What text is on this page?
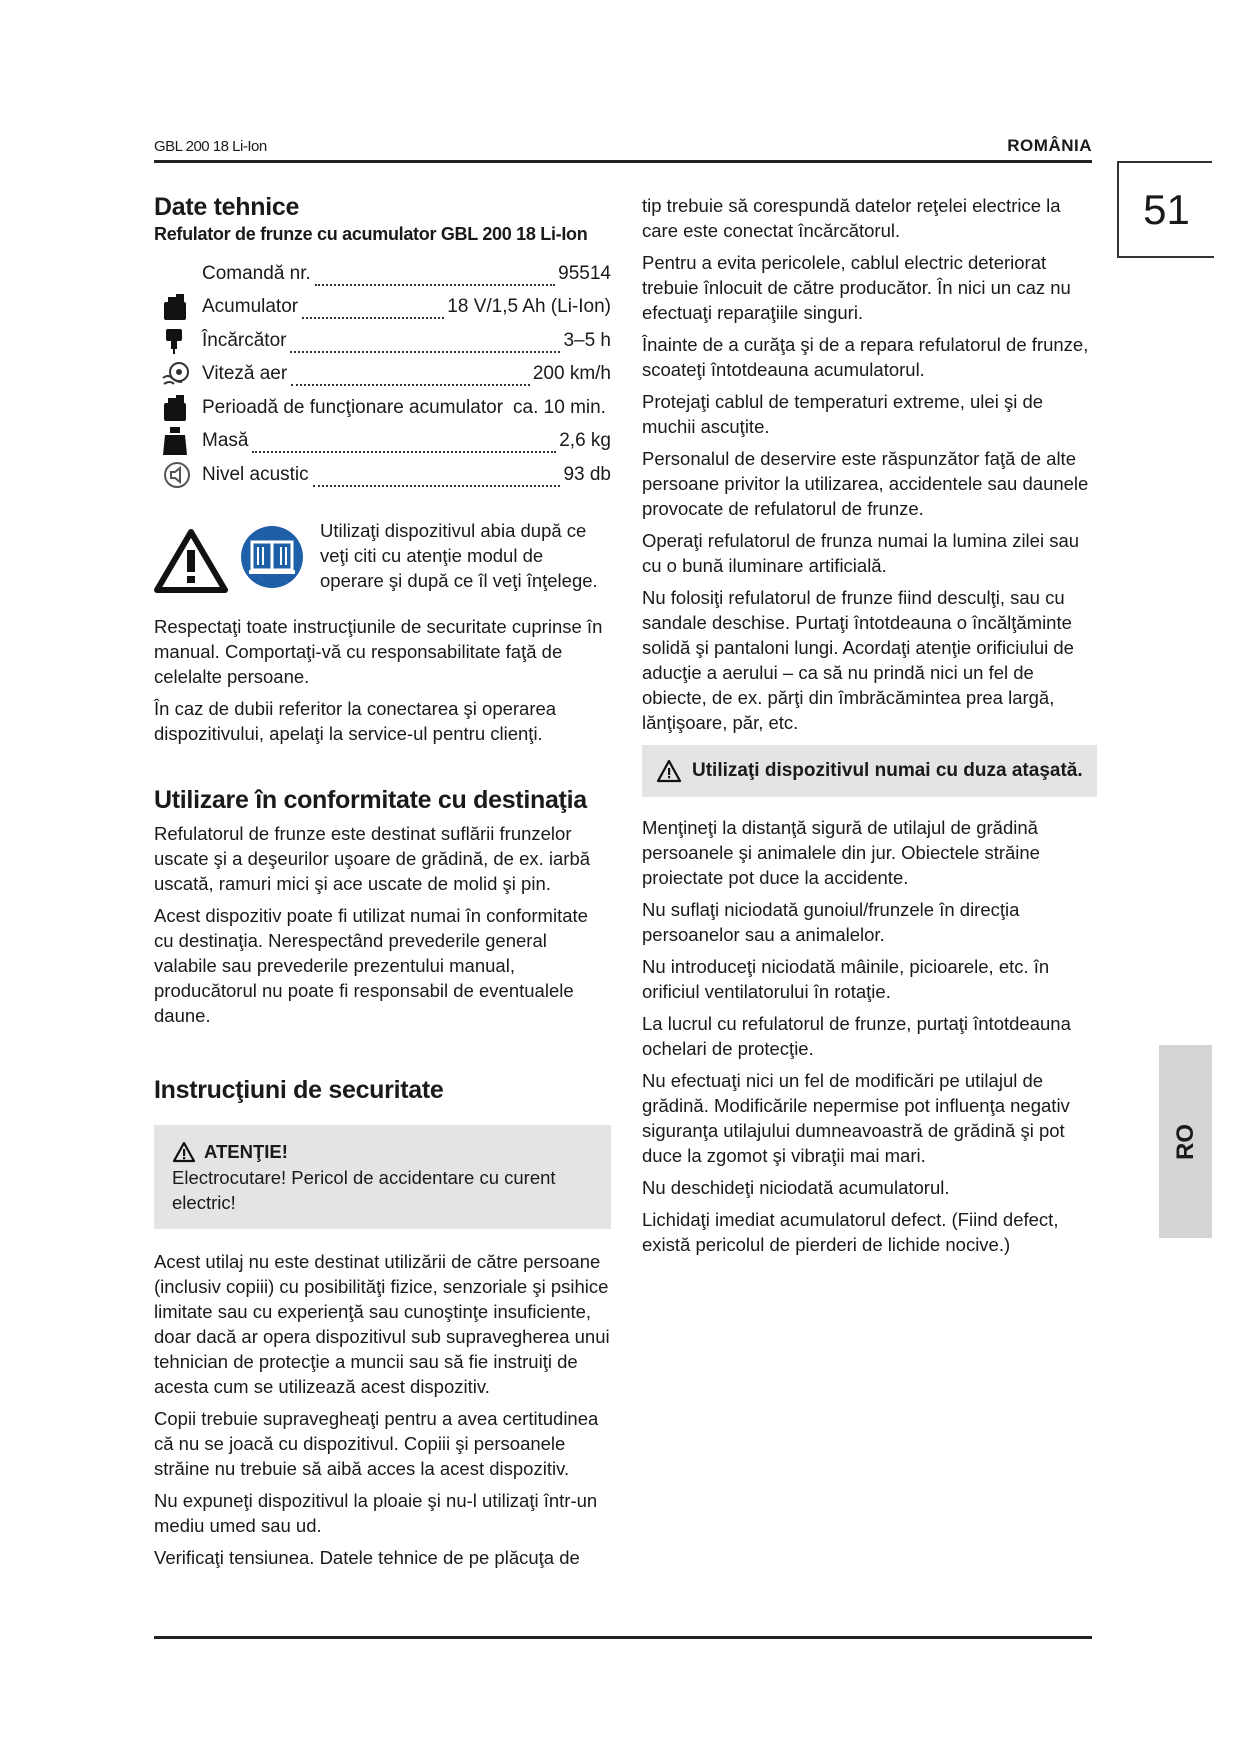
GBL 200 18 Li-Ion	ROMÂNIA
51
RO
Date tehnice
Refulator de frunze cu acumulator GBL 200 18 Li-Ion
Comandă nr.	95514
Acumulator	18 V/1,5 Ah (Li-Ion)
Încărcător	3–5 h
Viteză aer	200 km/h
Perioadă de funcţionare acumulator ca. 10 min.
Masă	2,6 kg
Nivel acustic	93 db
Utilizaţi dispozitivul abia după ce veţi citi cu atenţie modul de operare şi după ce îl veţi înţelege.

Respectaţi toate instrucţiunile de securitate cuprinse în manual. Comportaţi-vă cu responsabilitate faţă de celelalte persoane.

În caz de dubii referitor la conectarea şi operarea dispozitivului, apelaţi la service-ul pentru clienţi.

Utilizare în conformitate cu destinaţia

Refulatorul de frunze este destinat suflării frunzelor uscate şi a deşeurilor uşoare de grădină, de ex. iarbă uscată, ramuri mici şi ace uscate de molid şi pin.

Acest dispozitiv poate fi utilizat numai în conformitate cu destinaţia. Nerespectând prevederile general valabile sau prevederile prezentului manual, producătorul nu poate fi responsabil de eventualele daune.

Instrucţiuni de securitate
ATENŢIE!

Electrocutare! Pericol de accidentare cu curent electric!

Acest utilaj nu este destinat utilizării de către persoane (inclusiv copiii) cu posibilităţi fizice, senzoriale şi psihice limitate sau cu experienţă sau cunoştinţe insuficiente, doar dacă ar opera dispozitivul sub supravegherea unui tehnician de protecţie a muncii sau să fie instruiţi de acesta cum se utilizează acest dispozitiv.

Copii trebuie supravegheaţi pentru a avea certitudinea că nu se joacă cu dispozitivul. Copiii şi persoanele străine nu trebuie să aibă acces la acest dispozitiv.

Nu expuneţi dispozitivul la ploaie şi nu-l utilizaţi într-un mediu umed sau ud.

Verificaţi tensiunea. Datele tehnice de pe plăcuţa de

tip trebuie să corespundă datelor reţelei electrice la care este conectat încărcătorul.

Pentru a evita pericolele, cablul electric deteriorat trebuie înlocuit de către producător. În nici un caz nu efectuaţi reparaţiile singuri.

Înainte de a curăţa şi de a repara refulatorul de frunze, scoateţi întotdeauna acumulatorul.

Protejaţi cablul de temperaturi extreme, ulei şi de muchii ascuţite.

Personalul de deservire este răspunzător faţă de alte persoane privitor la utilizarea, accidentele sau daunele provocate de refulatorul de frunze.

Operaţi refulatorul de frunza numai la lumina zilei sau cu o bună iluminare artificială.

Nu folosiţi refulatorul de frunze fiind desculţi, sau cu sandale deschise. Purtaţi întotdeauna o încălţăminte solidă şi pantaloni lungi. Acordaţi atenţie orificiului de aducţie a aerului – ca să nu prindă nici un fel de obiecte, de ex. părţi din îmbrăcămintea prea largă, lănţişoare, păr, etc.

Utilizaţi dispozitivul numai cu duza ataşată.

Menţineţi la distanţă sigură de utilajul de grădină persoanele şi animalele din jur. Obiectele străine proiectate pot duce la accidente.

Nu suflaţi niciodată gunoiul/frunzele în direcţia persoanelor sau a animalelor.

Nu introduceţi niciodată mâinile, picioarele, etc. în orificiul ventilatorului în rotaţie.

La lucrul cu refulatorul de frunze, purtaţi întotdeauna ochelari de protecţie.

Nu efectuaţi nici un fel de modificări pe utilajul de grădină. Modificările nepermise pot influenţa negativ siguranţa utilajului dumneavoastră de grădină şi pot duce la zgomot şi vibraţii mai mari.

Nu deschideţi niciodată acumulatorul.

Lichidaţi imediat acumulatorul defect. (Fiind defect, există pericolul de pierderi de lichide nocive.)
